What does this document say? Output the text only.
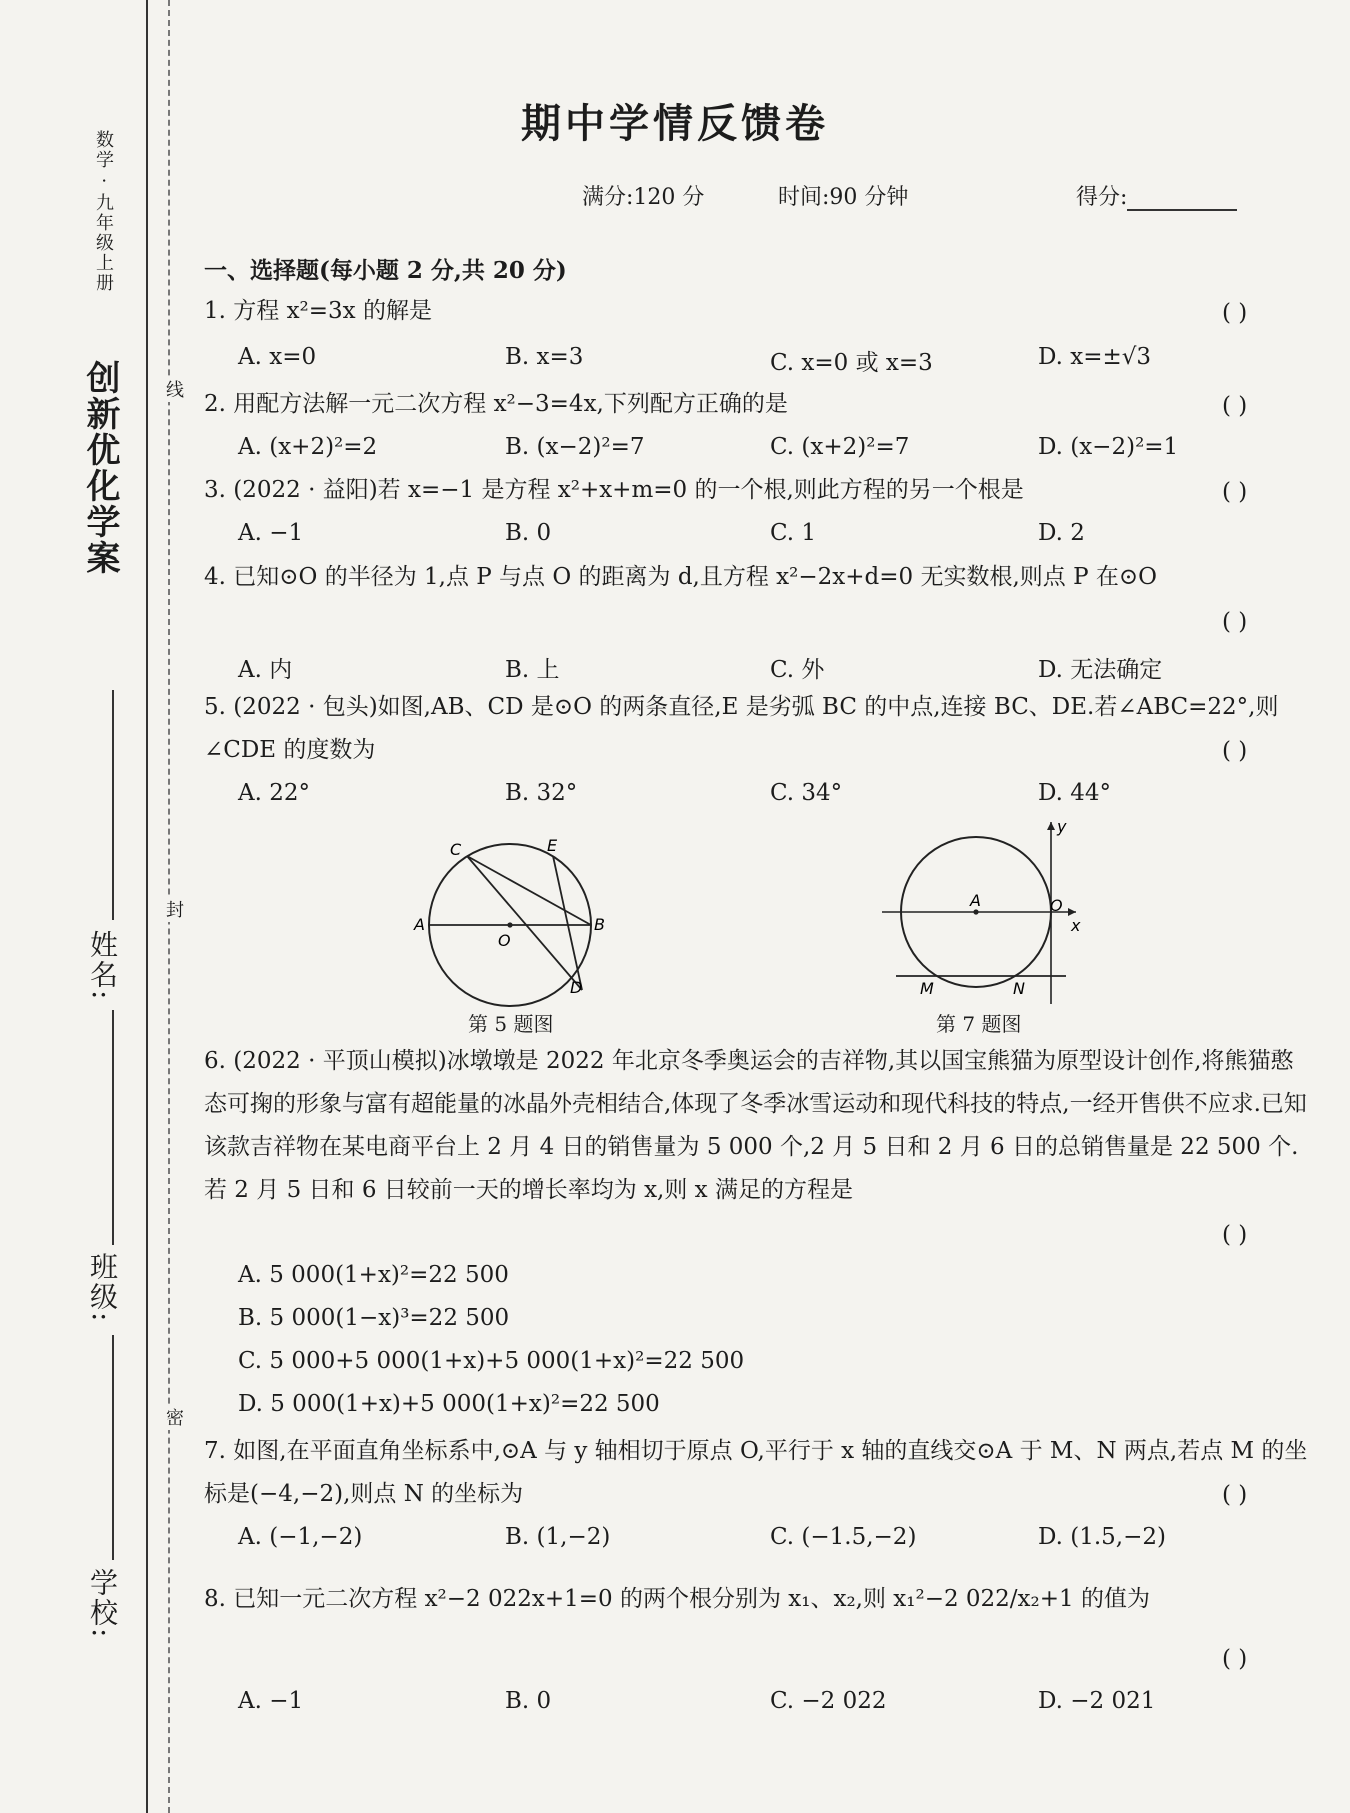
创新优化学案
数学 · 九年级上册
线
封
密
姓名:
班级:
学校:
期中学情反馈卷
满分:120 分	时间:90 分钟	得分:
一、选择题(每小题 2 分,共 20 分)
1. 方程 x²=3x 的解是	( )
A. x=0	B. x=3	C. x=0 或 x=3	D. x=±√3
2. 用配方法解一元二次方程 x²−3=4x,下列配方正确的是	( )
A. (x+2)²=2	B. (x−2)²=7	C. (x+2)²=7	D. (x−2)²=1
3. (2022 · 益阳)若 x=−1 是方程 x²+x+m=0 的一个根,则此方程的另一个根是	( )
A. −1	B. 0	C. 1	D. 2
4. 已知⊙O 的半径为 1,点 P 与点 O 的距离为 d,且方程 x²−2x+d=0 无实数根,则点 P 在⊙O
( )
A. 内	B. 上	C. 外	D. 无法确定
5. (2022 · 包头)如图,AB、CD 是⊙O 的两条直径,E 是劣弧 BC 的中点,连接 BC、DE.若∠ABC=22°,则∠CDE 的度数为	( )
A. 22°	B. 32°	C. 34°	D. 44°
C	E
A
O
B
D
第 5 题图
y
A	O
x
M	N
第 7 题图
6. (2022 · 平顶山模拟)冰墩墩是 2022 年北京冬季奥运会的吉祥物,其以国宝熊猫为原型设计创作,将熊猫憨态可掬的形象与富有超能量的冰晶外壳相结合,体现了冬季冰雪运动和现代科技的特点,一经开售供不应求.已知该款吉祥物在某电商平台上 2 月 4 日的销售量为 5 000 个,2 月 5 日和 2 月 6 日的总销售量是 22 500 个.若 2 月 5 日和 6 日较前一天的增长率均为 x,则 x 满足的方程是
( )
A. 5 000(1+x)²=22 500
B. 5 000(1−x)³=22 500
C. 5 000+5 000(1+x)+5 000(1+x)²=22 500
D. 5 000(1+x)+5 000(1+x)²=22 500
7. 如图,在平面直角坐标系中,⊙A 与 y 轴相切于原点 O,平行于 x 轴的直线交⊙A 于 M、N 两点,若点 M 的坐标是(−4,−2),则点 N 的坐标为	( )
A. (−1,−2)	B. (1,−2)	C. (−1.5,−2)	D. (1.5,−2)
8. 已知一元二次方程 x²−2 022x+1=0 的两个根分别为 x₁、x₂,则 x₁²−2 022/x₂+1 的值为
( )
A. −1	B. 0	C. −2 022	D. −2 021
